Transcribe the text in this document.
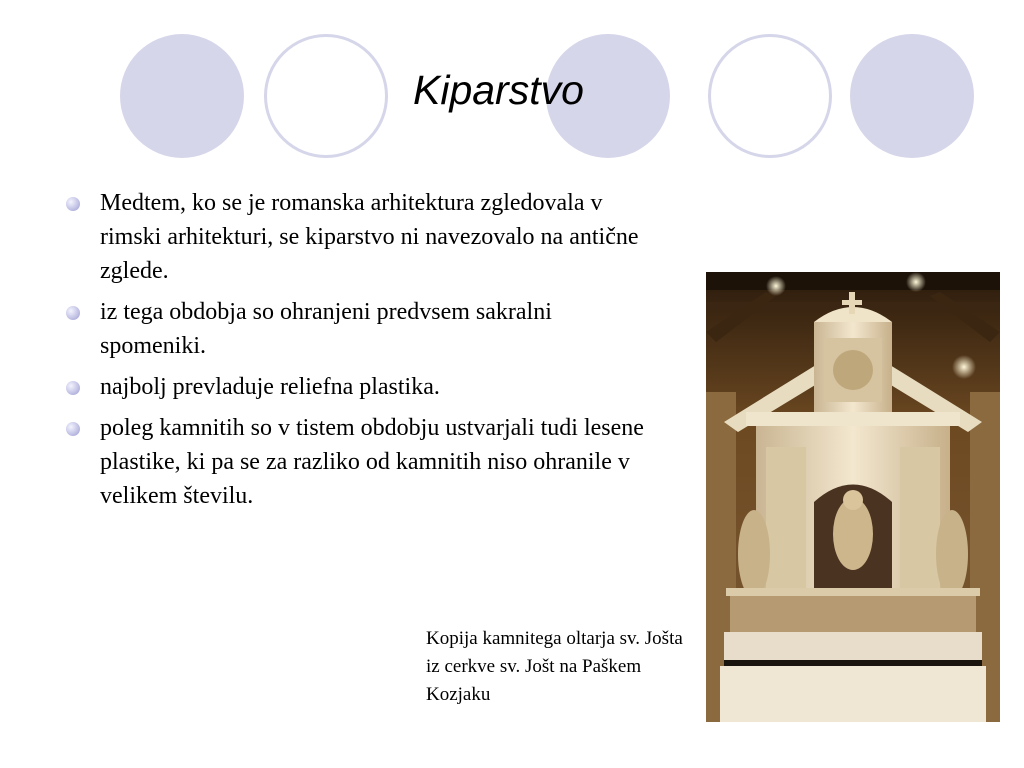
Kiparstvo
Medtem, ko se je romanska arhitektura zgledovala v rimski arhitekturi, se kiparstvo ni navezovalo na antične zglede.
iz tega obdobja so ohranjeni predvsem sakralni spomeniki.
najbolj prevladuje reliefna plastika.
poleg kamnitih so v tistem obdobju ustvarjali tudi lesene plastike, ki pa se za razliko od kamnitih niso ohranile v velikem številu.

Kopija kamnitega oltarja sv. Jošta iz cerkve sv. Jošt na Paškem Kozjaku
